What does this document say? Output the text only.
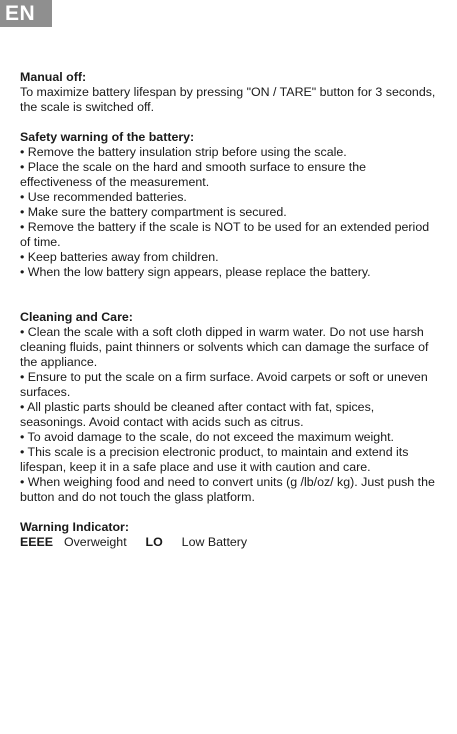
EN
Manual off:

To maximize battery lifespan by pressing "ON / TARE" button for 3 seconds, the scale is switched off.

Safety warning of the battery:
• Remove the battery insulation strip before using the scale.
• Place the scale on the hard and smooth surface to ensure the effectiveness of the measurement.
• Use recommended batteries.
• Make sure the battery compartment is secured.
• Remove the battery if the scale is NOT to be used for an extended period of time.
• Keep batteries away from children.
• When the low battery sign appears, please replace the battery.
Cleaning and Care:
• Clean the scale with a soft cloth dipped in warm water. Do not use harsh cleaning fluids, paint thinners or solvents which can damage the surface of the appliance.
• Ensure to put the scale on a firm surface. Avoid carpets or soft or uneven surfaces.
• All plastic parts should be cleaned after contact with fat, spices, seasonings. Avoid contact with acids such as citrus.
• To avoid damage to the scale, do not exceed the maximum weight.
• This scale is a precision electronic product, to maintain and extend its lifespan, keep it in a safe place and use it with caution and care.
• When weighing food and need to convert units (g /lb/oz/ kg). Just push the button and do not touch the glass platform.
Warning Indicator:

EEEE Overweight LO Low Battery
